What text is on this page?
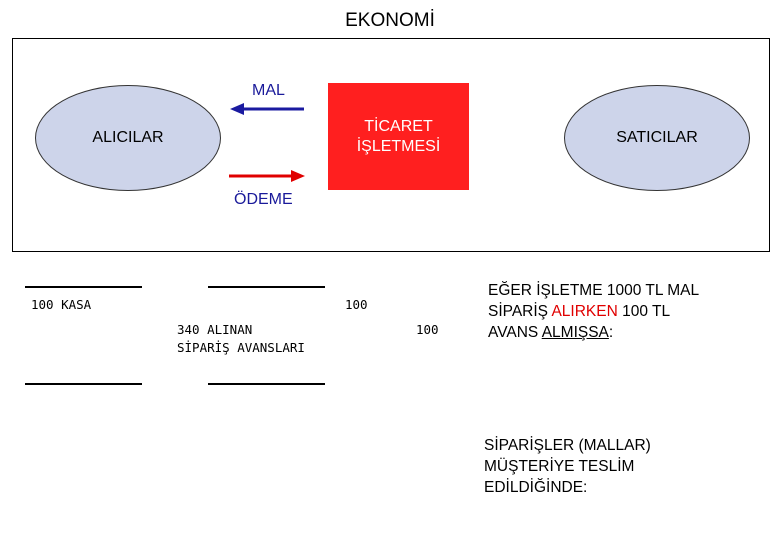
EKONOMİ
ALICILAR	SATICILAR
TİCARET
İŞLETMESİ
MAL
ÖDEME
100 KASA
340 ALINAN
SİPARİŞ AVANSLARI
100
100
EĞER İŞLETME 1000 TL MAL
SİPARİŞ ALIRKEN 100 TL
AVANS ALMIŞSA:
SİPARİŞLER (MALLAR)
MÜŞTERİYE TESLİM
EDİLDİĞİNDE:
